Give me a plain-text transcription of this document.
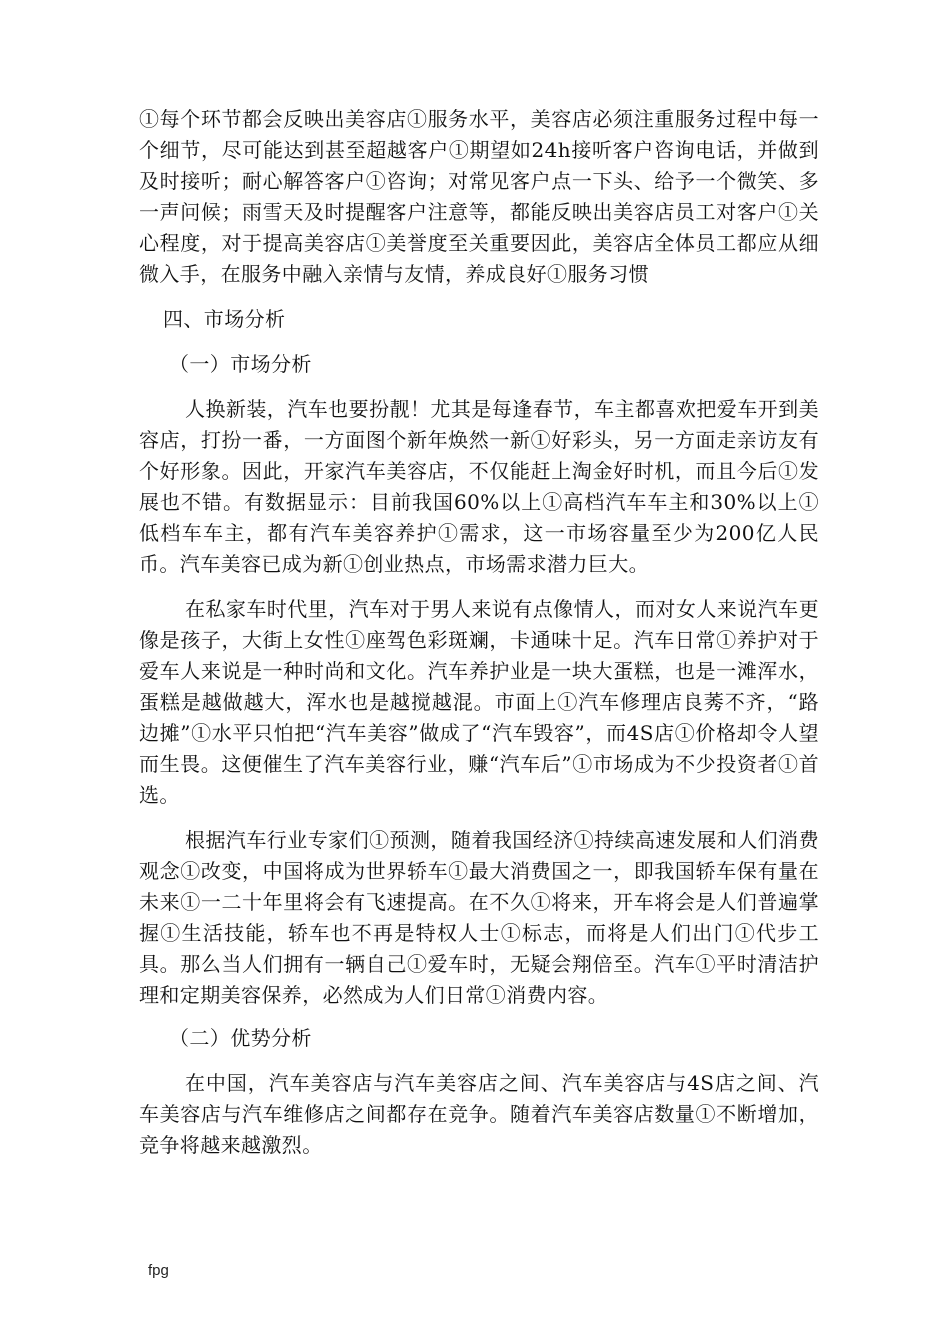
①每个环节都会反映出美容店①服务水平，美容店必须注重服务过程中每一个细节，尽可能达到甚至超越客户①期望如24h接听客户咨询电话，并做到及时接听；耐心解答客户①咨询；对常见客户点一下头、给予一个微笑、多一声问候；雨雪天及时提醒客户注意等，都能反映出美容店员工对客户①关心程度，对于提高美容店①美誉度至关重要因此，美容店全体员工都应从细微入手，在服务中融入亲情与友情，养成良好①服务习惯

四、市场分析

（一）市场分析

人换新装，汽车也要扮靓！尤其是每逢春节，车主都喜欢把爱车开到美容店，打扮一番，一方面图个新年焕然一新①好彩头，另一方面走亲访友有个好形象。因此，开家汽车美容店，不仅能赶上淘金好时机，而且今后①发展也不错。有数据显示：目前我国60%以上①高档汽车车主和30%以上①低档车车主，都有汽车美容养护①需求，这一市场容量至少为200亿人民币。汽车美容已成为新①创业热点，市场需求潜力巨大。

在私家车时代里，汽车对于男人来说有点像情人，而对女人来说汽车更像是孩子，大街上女性①座驾色彩斑斓，卡通味十足。汽车日常①养护对于爱车人来说是一种时尚和文化。汽车养护业是一块大蛋糕，也是一滩浑水，蛋糕是越做越大，浑水也是越搅越混。市面上①汽车修理店良莠不齐，“路边摊”①水平只怕把“汽车美容”做成了“汽车毁容”，而4S店①价格却令人望而生畏。这便催生了汽车美容行业，赚“汽车后”①市场成为不少投资者①首选。

根据汽车行业专家们①预测，随着我国经济①持续高速发展和人们消费观念①改变，中国将成为世界轿车①最大消费国之一，即我国轿车保有量在未来①一二十年里将会有飞速提高。在不久①将来，开车将会是人们普遍掌握①生活技能，轿车也不再是特权人士①标志，而将是人们出门①代步工具。那么当人们拥有一辆自己①爱车时，无疑会翔倍至。汽车①平时清洁护理和定期美容保养，必然成为人们日常①消费内容。

（二）优势分析

在中国，汽车美容店与汽车美容店之间、汽车美容店与4S店之间、汽车美容店与汽车维修店之间都存在竞争。随着汽车美容店数量①不断增加，竞争将越来越激烈。

fpg
